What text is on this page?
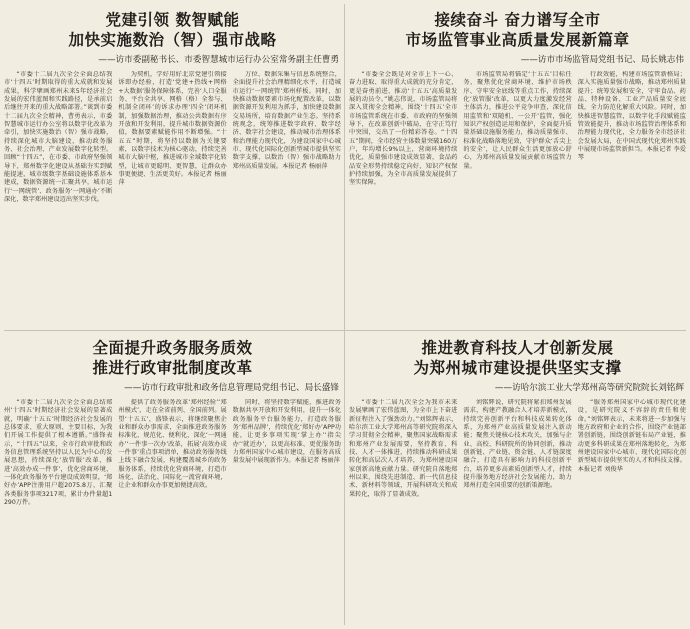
党建引领 数智赋能
加快实施数治（智）强市战略
——访市委副秘书长、市委智慧城市运行办公室常务副主任曹勇

“市委十二届九次全会全面总结我市‘十四五’时期取得的重大成就和发展成果，科学擘画郑州未来5年经济社会发展的宏伟蓝图和实践路径，是承前启后继往开来的重大战略部署。”谈到市委十二届九次全会精神，曹勇表示，市委智慧城市运行办公室将以数字化改革为牵引，加快实施数治（智）强市战略，持续深化城市大脑建设，推动政务服务、社会治理、产业发展数字化转型。回顾“十四五”，在市委、市政府坚强领导下，郑州数字化建设从基础夯实到赋能提速，城市级数字基础设施体系基本建成，数据资源统一汇聚共享，城市运行‘一网统管’、政务服务‘一网通办’不断深化，数字郑州建设迈出坚实步伐。

为契机，学好用好北京党建引领接诉即办经验，打造‘党建+热线+网格+大数据’服务保障体系，完善‘人口全服务、平台全共享、网格（格）全参与、机制全闭环’的诉求办理‘四全’闭环机制，加强数据治理，推动公共数据有序开放和开发利用，提升城市数据资源价值，数据要素赋能作用不断增强。“十五五”时期，将坚持以数据为关键要素，以数字技术为核心驱动，持续完善城市大脑中枢，推进城市全域数字化转型，让城市更聪明、更智慧，让群众办事更便捷、生活更美好。本报记者 杨丽萍

万位、数据采集与信息系统整合，全面提升社会治理精细化水平，打造城市运行‘一网统管’郑州样板。同时，加快推动数据要素市场化配置改革，以数据资源开发利用为抓手，加快建设数据交易场所，培育数据产业生态。坚持系统观念，统筹推进数字政府、数字经济、数字社会建设，推动城市治理体系和治理能力现代化，为建设国家中心城市、现代化国际化创新型城市提供坚实数字支撑，以数治（智）强市战略助力郑州高质量发展。本报记者 杨丽萍

接续奋斗 奋力谱写全市
市场监管事业高质量发展新篇章
——访市市场监管局党组书记、局长姚志伟

“市委全会既是对全市上下一心、奋力进取、取得重大成就的充分肯定，更是奋勇前进、推动‘十五五’高质量发展的动员令。”姚志伟说，市场监管局将深入贯彻全会精神，围绕‘十四五’全市市场监管系统在市委、市政府的坚强领导下，在改革创新中破局，在守正笃行中突围，交出了一份精彩答卷。“十四五”期间，全市经营主体数量突破160万户，年均增长9%以上，营商环境持续优化，质量强市建设成效显著，食品药品安全形势持续稳定向好，知识产权保护持续加强，为全市高质量发展提供了坚实保障。

市场监管局将锚定‘十五五’目标任务，聚焦优化营商环境、维护市场秩序、守牢安全底线等重点工作，持续深化‘放管服’改革，以更大力度激发经营主体活力，推进公平竞争审查，深化信用监管和‘双随机、一公开’监管，强化知识产权创造运用和保护，全面提升质量基础设施服务能力，推动质量强市、标准化战略落地见效，守护群众‘舌尖上的安全’，让人民群众生活更加放心舒心，为郑州高质量发展贡献市场监管力量。

行政效能，构建市场监管新格局；深入实施质量强市战略，推动郑州质量提升；统筹发展和安全，守牢食品、药品、特种设备、工业产品质量安全底线，全力防范化解重大风险。同时，加快推进智慧监管，以数字化手段赋能监管效能提升，推动市场监管治理体系和治理能力现代化，全力服务全市经济社会发展大局，在中国式现代化郑州实践中展现市场监管新担当。本报记者 李爱琴

全面提升政务服务质效
推进行政审批制度改革
——访市行政审批和政务信息管理局党组书记、局长盛锋

“市委十二届九次全会全面总结郑州‘十四五’时期经济社会发展的显著成就，明确‘十五五’时期经济社会发展的总体要求、重大原则、主要目标，为我们开展工作提供了根本遵循。”盛锋表示，“十四五”以来，全市行政审批和政务信息管理系统坚持以人民为中心的发展思想，持续深化‘放管服’改革，推进‘高效办成一件事’，优化营商环境，一体化政务服务平台建设成效明显，‘郑好办’APP注册用户超2075.8万，汇聚各类服务事项3217项，累计办件量超1290万件。

提供了政务服务改革‘郑州经验’‘郑州模式’，走在全省前列、全国前列。展望‘十五五’，盛锋表示，将继续聚焦企业和群众办事需求，全面推进政务服务标准化、规范化、便利化，深化‘一网通办’‘一件事一次办’改革，拓展‘高效办成一件事’重点事项清单，推动政务服务线上线下融合发展，构建覆盖城乡的政务服务体系，持续优化营商环境，打造市场化、法治化、国际化一流营商环境，让企业和群众办事更加便捷高效。

同时，将坚持数字赋能，推进政务数据共享开放和开发利用，提升一体化政务服务平台服务能力，打造政务服务‘郑州品牌’，持续优化‘郑好办’APP功能，让更多事项实现‘掌上办’‘指尖办’‘就近办’，以更高标准、更优服务助力郑州国家中心城市建设，在服务高质量发展中展现新作为。本报记者 杨丽萍

推进教育科技人才创新发展
为郑州城市建设提供坚实支撑
——访哈尔滨工业大学郑州高等研究院院长刘铭辉

“市委十二届九次全会为我市未来发展擘画了宏伟蓝图，为全市上下奋进新征程注入了强劲动力。”刘铭辉表示，哈尔滨工业大学郑州高等研究院将深入学习贯彻全会精神，聚焦国家战略需求和郑州产业发展需要，坚持教育、科技、人才一体推进，持续推动科研成果转化和高层次人才培养，为郑州建设国家创新高地贡献力量。研究院自落地郑州以来，围绕先进制造、新一代信息技术、新材料等领域，开展科研攻关和成果转化，取得了显著成效。

刘铭辉说，研究院将紧扣郑州发展需求，构建产教融合人才培养新模式，持续完善创新平台和科技成果转化体系，为郑州产业高质量发展注入新动能；聚焦关键核心技术攻关，加强与企业、高校、科研院所的协同创新，推动创新链、产业链、资金链、人才链深度融合，打造具有影响力的科技创新平台，培养更多高素质创新型人才，持续提升服务地方经济社会发展能力，助力郑州打造全国重要的创新策源地。

“服务郑州国家中心城市现代化建设，是研究院义不容辞的责任和使命。”刘铭辉表示，未来将进一步加强与地方政府和企业的合作，围绕产业链部署创新链，围绕创新链布局产业链，推动更多科研成果在郑州落地转化，为郑州建设国家中心城市、现代化国际化创新型城市提供坚实的人才和科技支撑。本报记者 刘俊华
